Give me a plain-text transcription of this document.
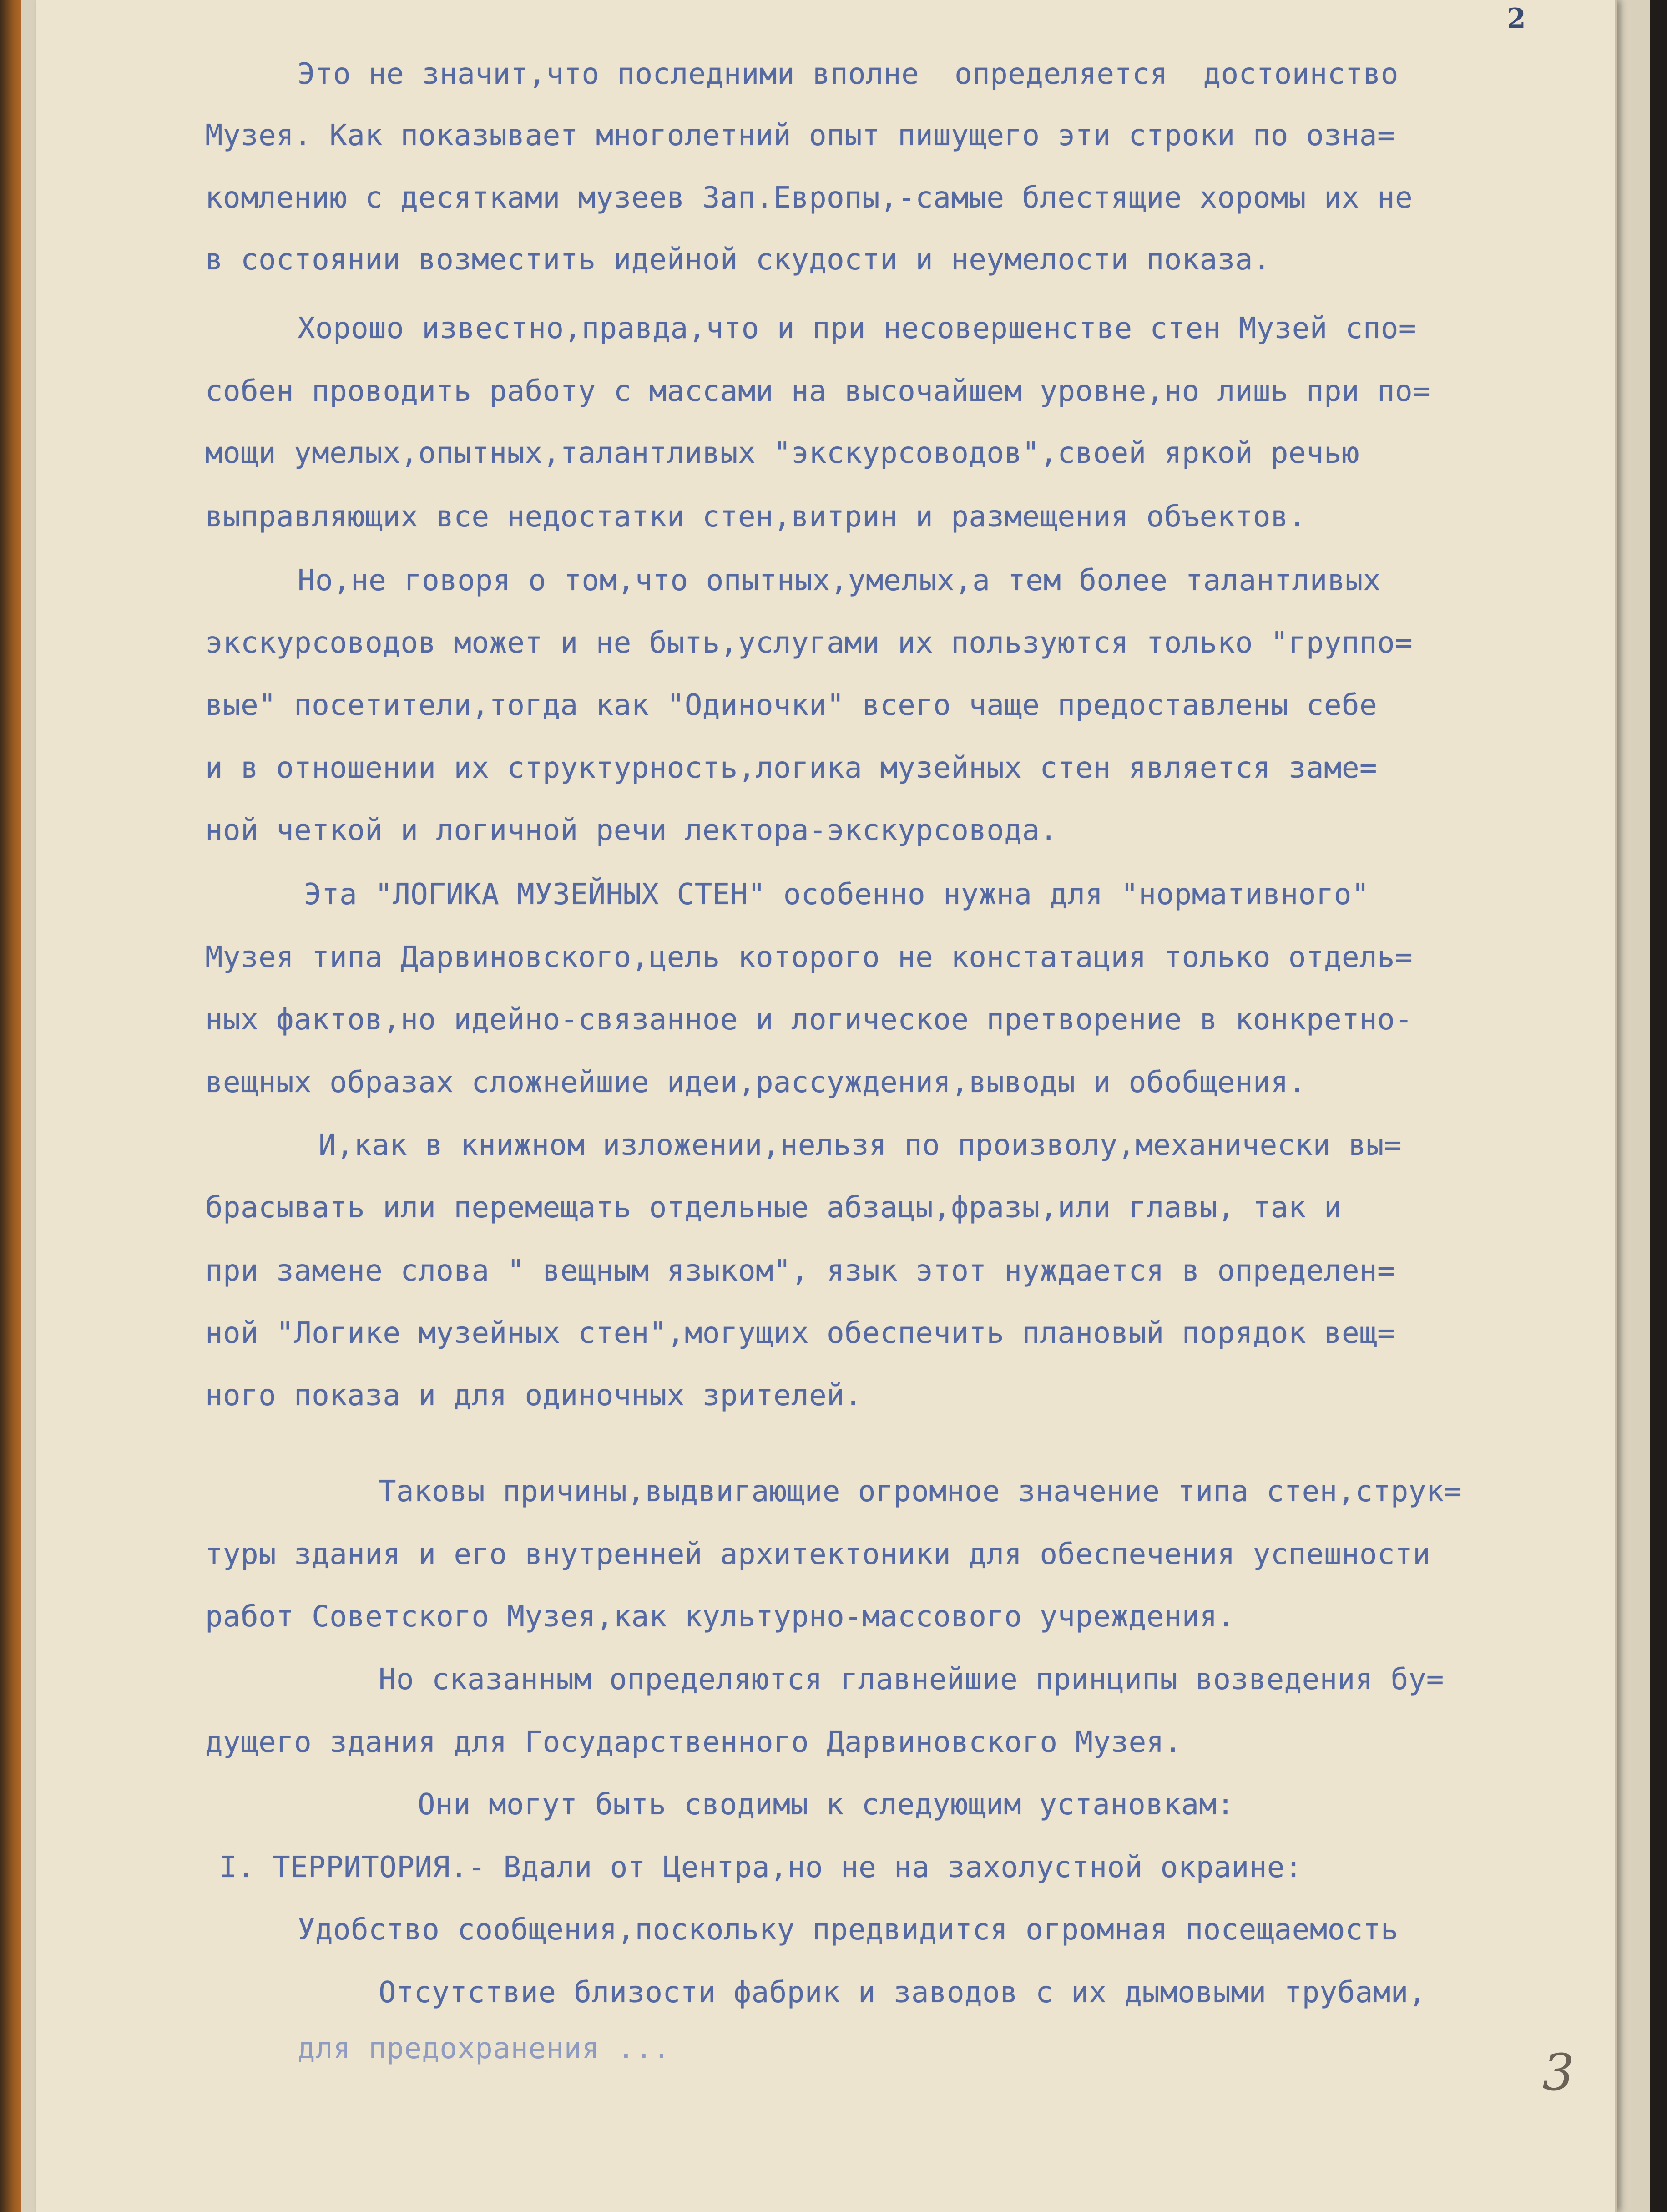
2
Это не значит,что последними вполне  определяется  достоинство
Музея. Как показывает многолетний опыт пишущего эти строки по озна=
комлению с десятками музеев Зап.Европы,-самые блестящие хоромы их не
в состоянии возместить идейной скудости и неумелости показа.
Хорошо известно,правда,что и при несовершенстве стен Музей спо=
собен проводить работу с массами на высочайшем уровне,но лишь при по=
мощи умелых,опытных,талантливых "экскурсоводов",своей яркой речью
выправляющих все недостатки стен,витрин и размещения объектов.
Но,не говоря о том,что опытных,умелых,а тем более талантливых
экскурсоводов может и не быть,услугами их пользуются только "группо=
вые" посетители,тогда как "Одиночки" всего чаще предоставлены себе
и в отношении их структурность,логика музейных стен является заме=
ной четкой и логичной речи лектора-экскурсовода.
Эта "ЛОГИКА МУЗЕЙНЫХ СТЕН" особенно нужна для "нормативного"
Музея типа Дарвиновского,цель которого не констатация только отдель=
ных фактов,но идейно-связанное и логическое претворение в конкретно-
вещных образах сложнейшие идеи,рассуждения,выводы и обобщения.
И,как в книжном изложении,нельзя по произволу,механически вы=
брасывать или перемещать отдельные абзацы,фразы,или главы, так и
при замене слова " вещным языком", язык этот нуждается в определен=
ной "Логике музейных стен",могущих обеспечить плановый порядок вещ=
ного показа и для одиночных зрителей.
Таковы причины,выдвигающие огромное значение типа стен,струк=
туры здания и его внутренней архитектоники для обеспечения успешности
работ Советского Музея,как культурно-массового учреждения.
Но сказанным определяются главнейшие принципы возведения бу=
дущего здания для Государственного Дарвиновского Музея.
Они могут быть сводимы к следующим установкам:
I. ТЕРРИТОРИЯ.- Вдали от Центра,но не на захолустной окраине:
Удобство сообщения,поскольку предвидится огромная посещаемость
Отсутствие близости фабрик и заводов с их дымовыми трубами,
для предохранения ...	3
